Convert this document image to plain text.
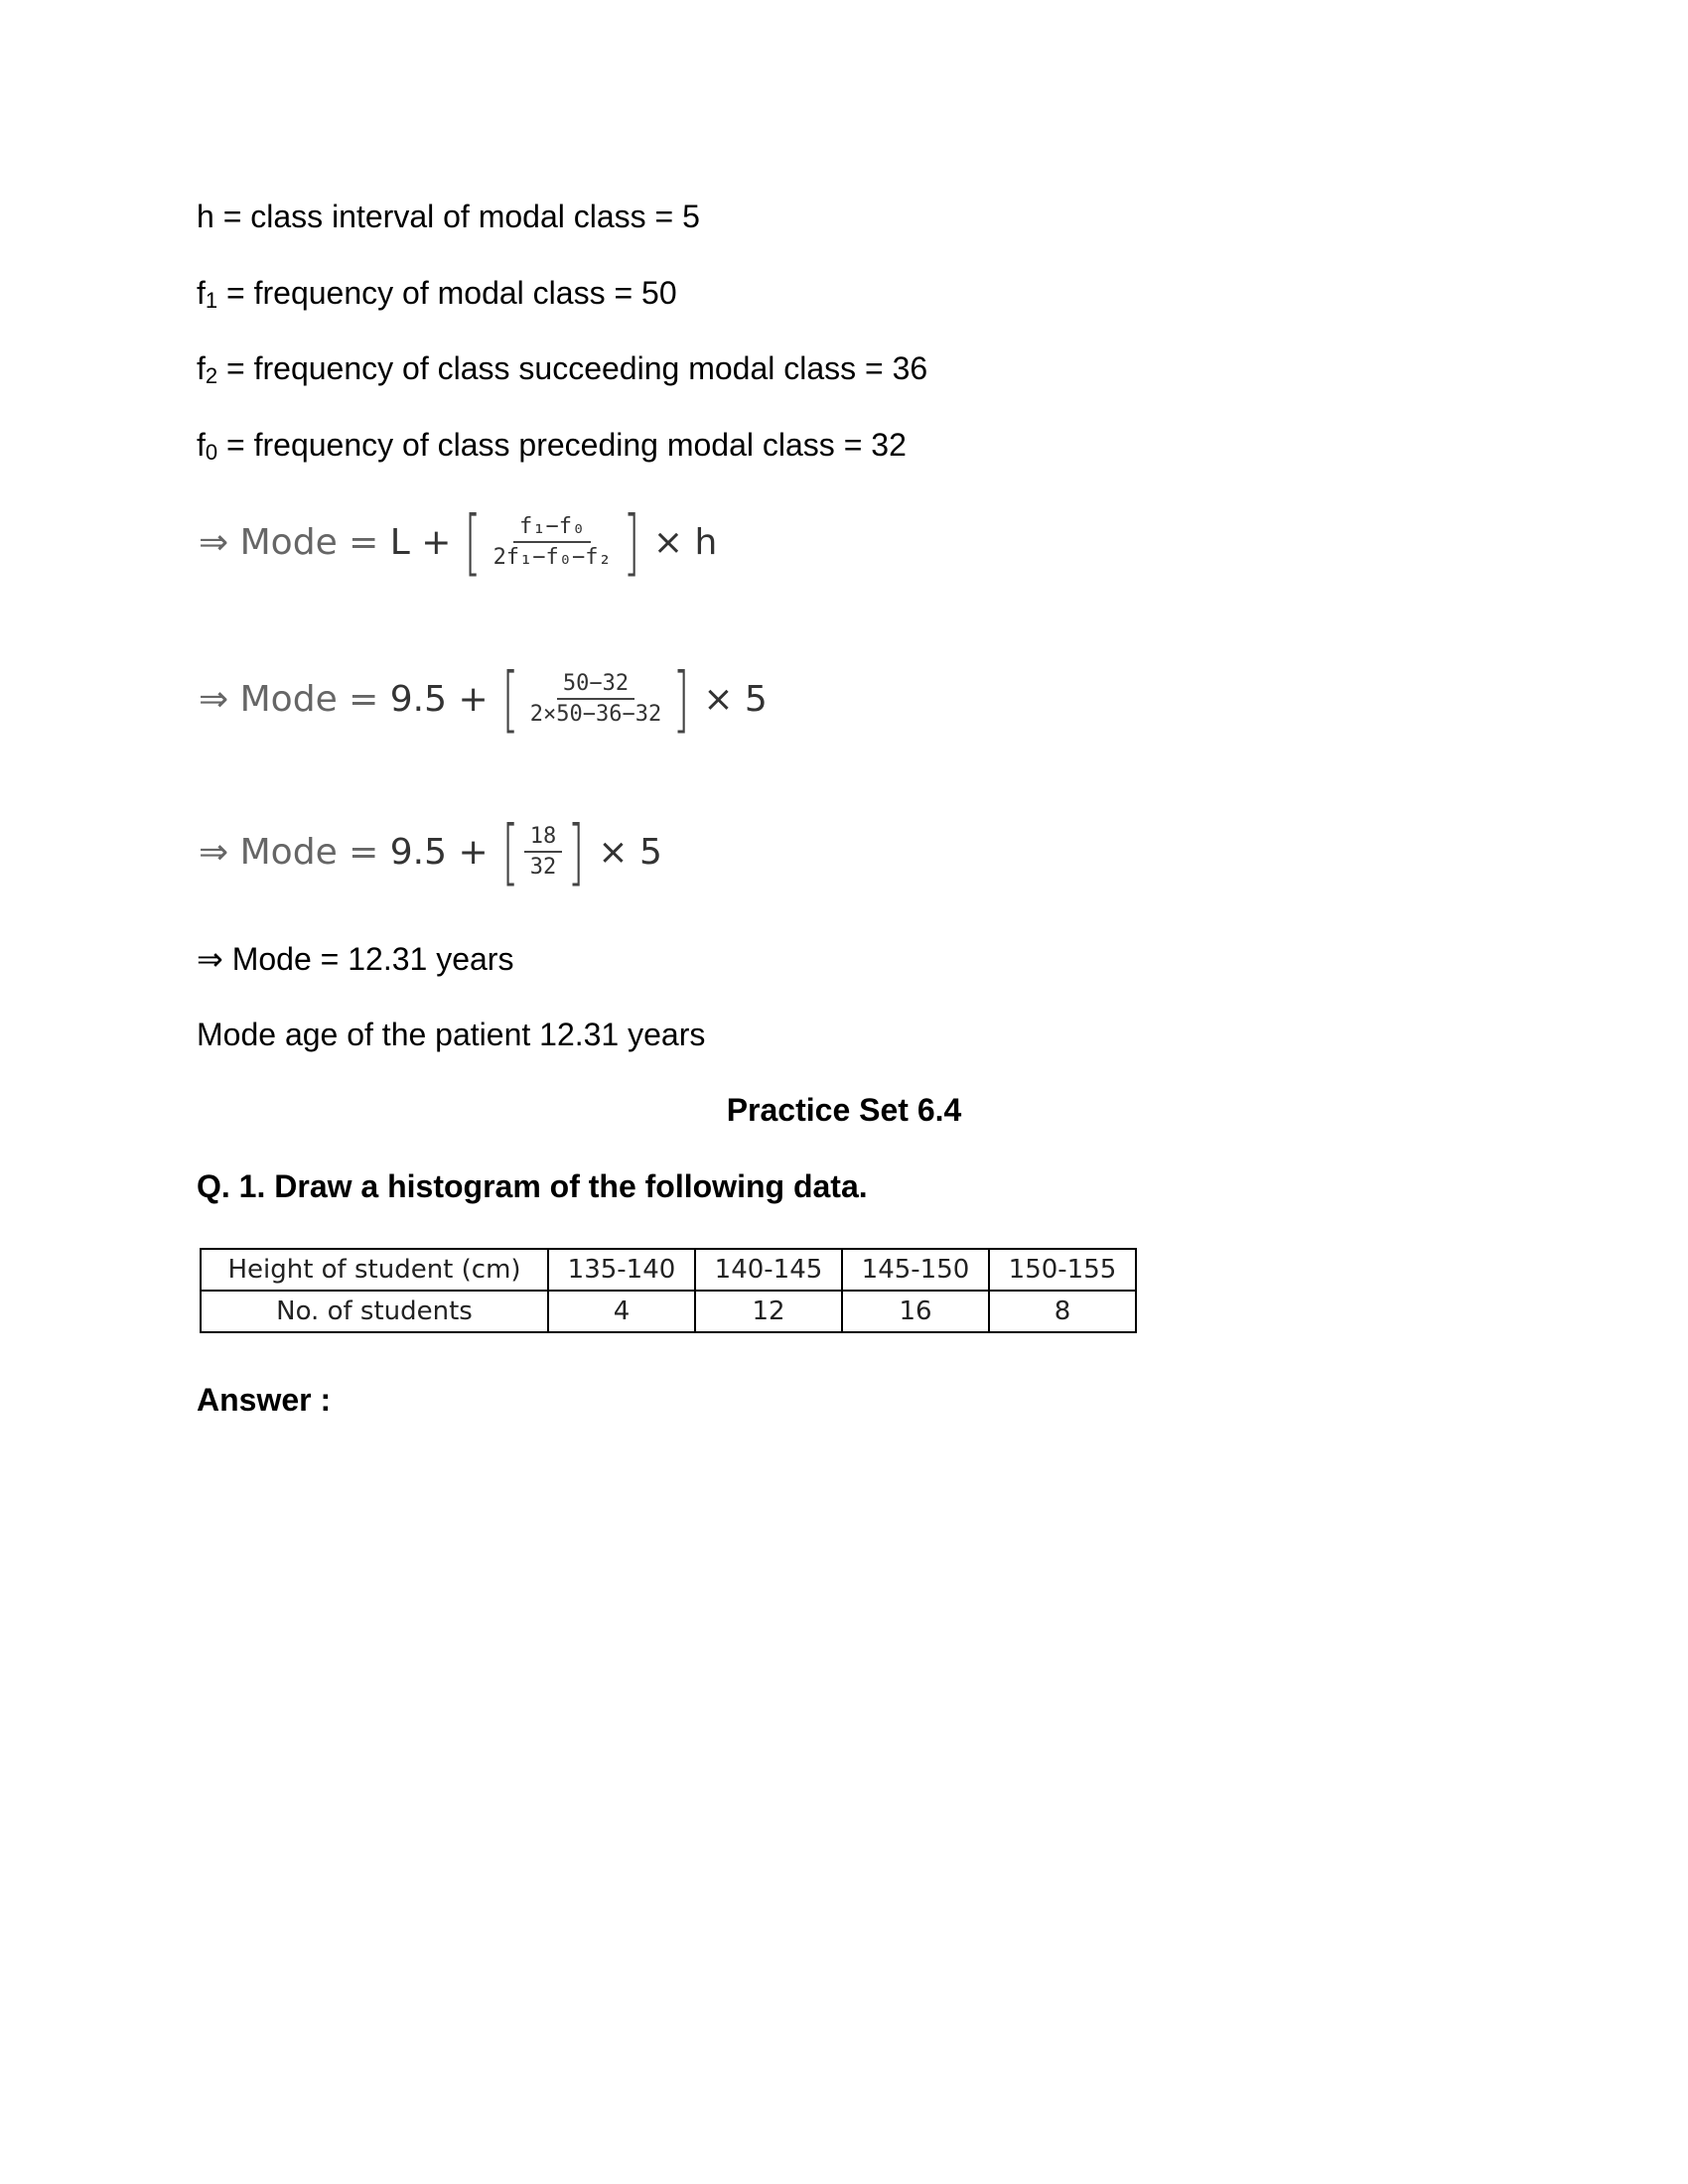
h = class interval of modal class = 5
$f_1$ = frequency of modal class = 50
$f_2$ = frequency of class succeeding modal class = 36
$f_0$ = frequency of class preceding modal class = 32
⇒
Mode =
L
+ [ $\frac{\text{f₁−f₀}}{\text{2f₁−f₀−f₂}}$ ] × h
⇒
Mode =
9.5
+ [ $\frac{50-32}{2\times 50-36-32}$ ] × 5
⇒
Mode =
9.5
+ [ $\frac{18}{32}$ ] × 5
⇒ Mode = 12.31 years
Mode age of the patient 12.31 years
Practice Set 6.4
Q. 1. Draw a histogram of the following data.
Height of student (cm)	135-140	140-145	145-150	150-155
No. of students	4	12	16	8
Answer :
